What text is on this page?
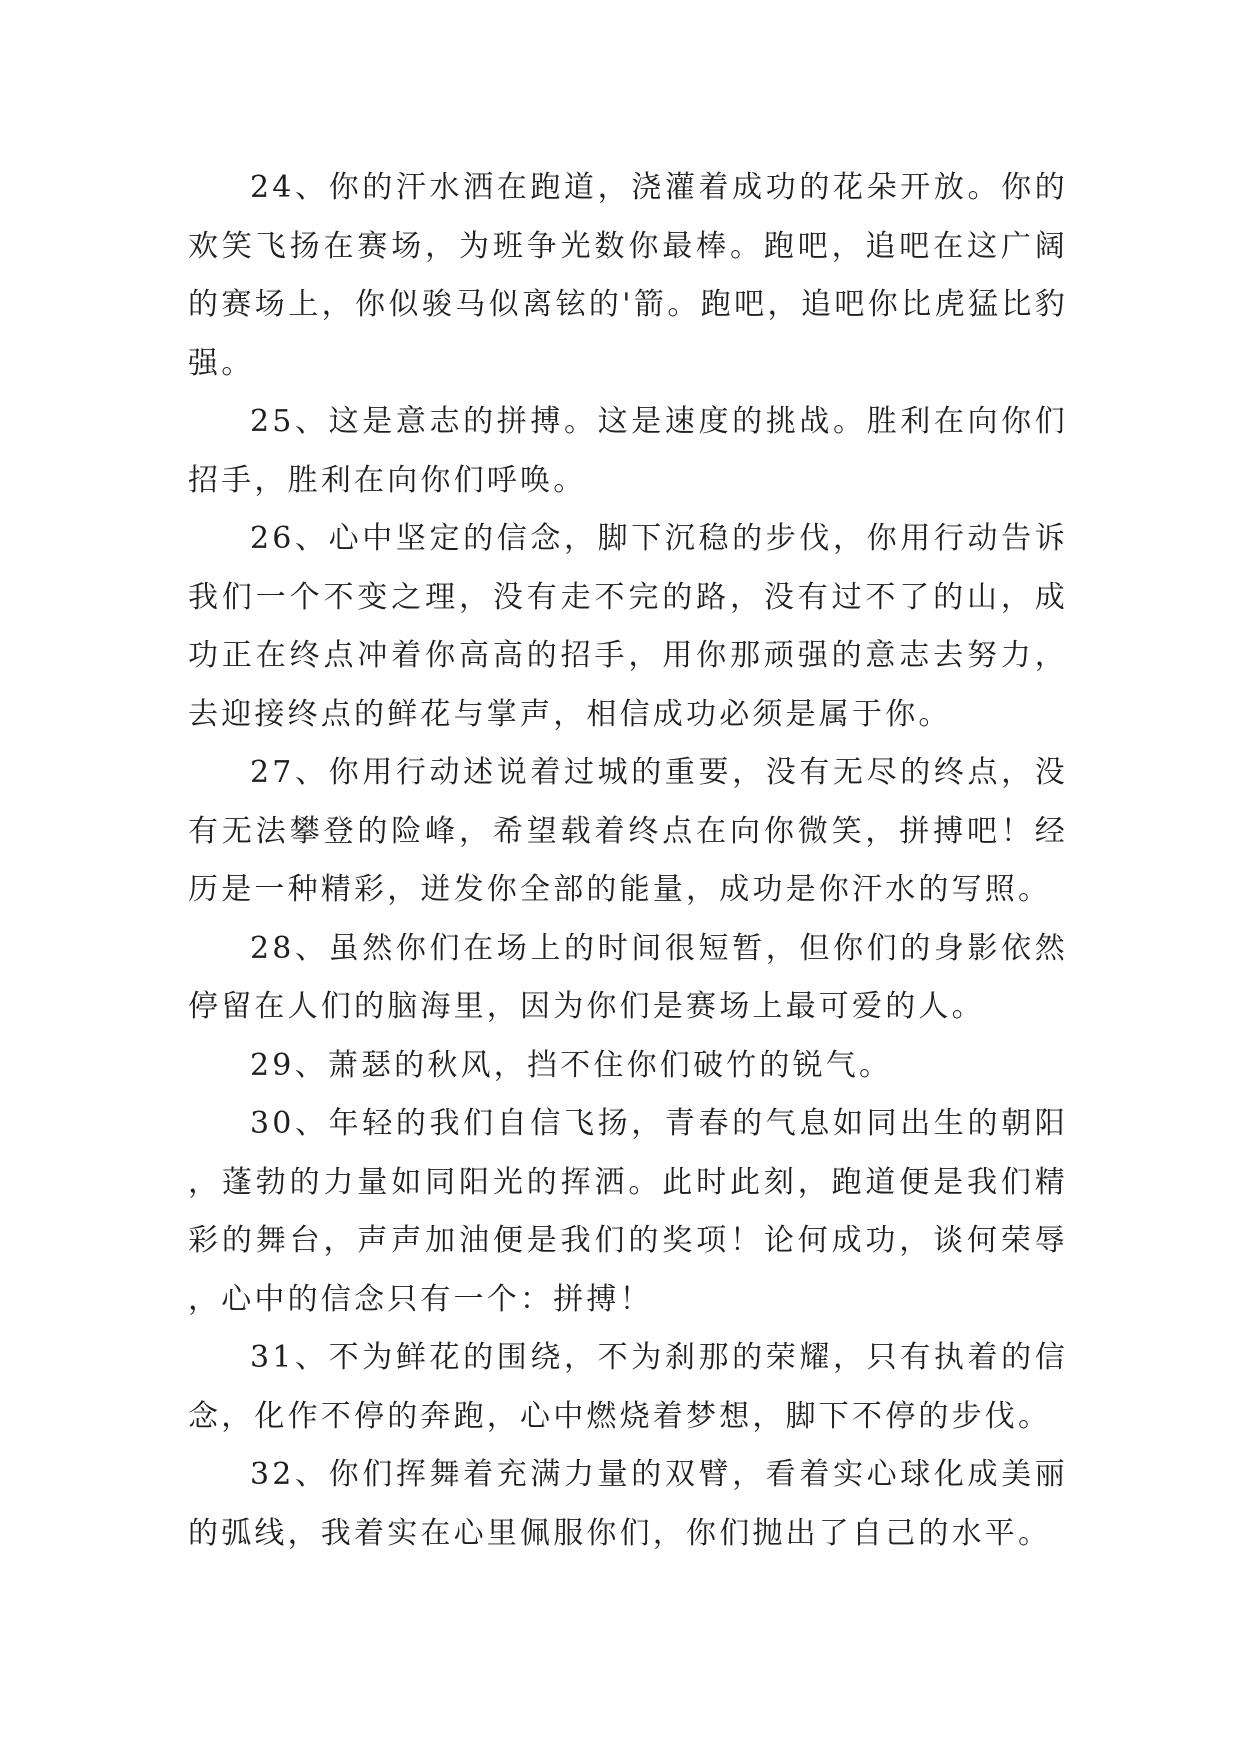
24、你的汗水洒在跑道，浇灌着成功的花朵开放。你的欢笑飞扬在赛场，为班争光数你最棒。跑吧，追吧在这广阔的赛场上，你似骏马似离铉的'箭。跑吧，追吧你比虎猛比豹强。

25、这是意志的拼搏。这是速度的挑战。胜利在向你们招手，胜利在向你们呼唤。

26、心中坚定的信念，脚下沉稳的步伐，你用行动告诉我们一个不变之理，没有走不完的路，没有过不了的山，成功正在终点冲着你高高的招手，用你那顽强的意志去努力，去迎接终点的鲜花与掌声，相信成功必须是属于你。

27、你用行动述说着过城的重要，没有无尽的终点，没有无法攀登的险峰，希望载着终点在向你微笑，拼搏吧！经历是一种精彩，迸发你全部的能量，成功是你汗水的写照。

28、虽然你们在场上的时间很短暂，但你们的身影依然停留在人们的脑海里，因为你们是赛场上最可爱的人。

29、萧瑟的秋风，挡不住你们破竹的锐气。

30、年轻的我们自信飞扬，青春的气息如同出生的朝阳，蓬勃的力量如同阳光的挥洒。此时此刻，跑道便是我们精彩的舞台，声声加油便是我们的奖项！论何成功，谈何荣辱，心中的信念只有一个：拼搏！

31、不为鲜花的围绕，不为刹那的荣耀，只有执着的信念，化作不停的奔跑，心中燃烧着梦想，脚下不停的步伐。

32、你们挥舞着充满力量的双臂，看着实心球化成美丽的弧线，我着实在心里佩服你们，你们抛出了自己的水平。
